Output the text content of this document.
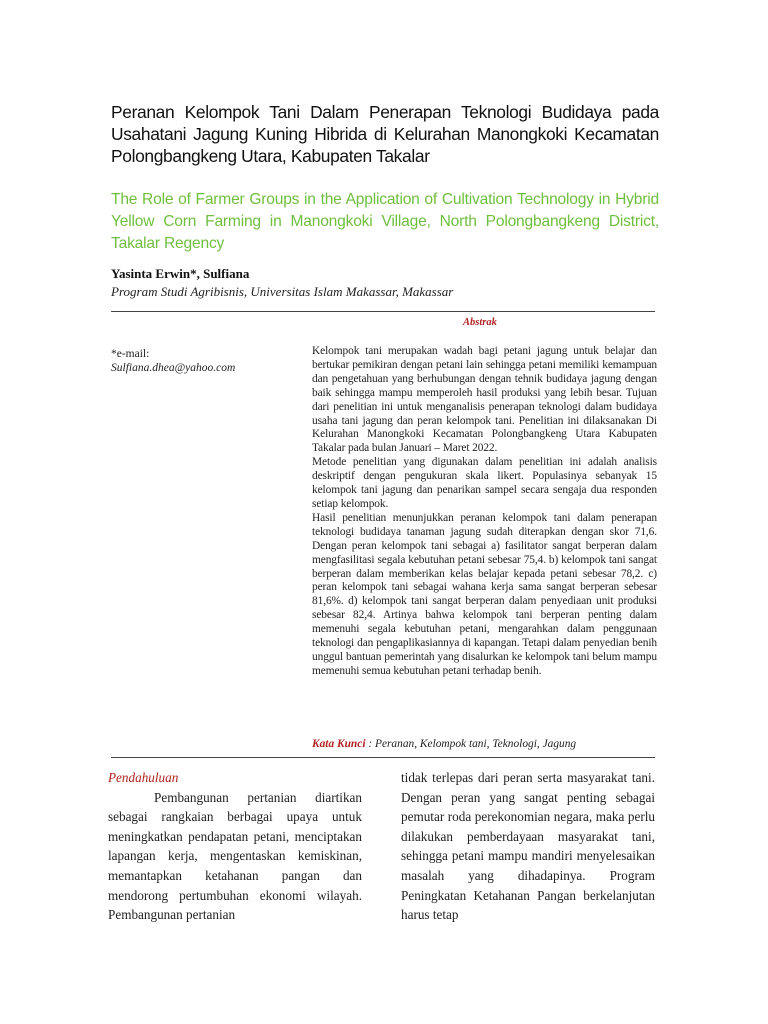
Peranan Kelompok Tani Dalam Penerapan Teknologi Budidaya pada Usahatani Jagung Kuning Hibrida di Kelurahan Manongkoki Kecamatan Polongbangkeng Utara, Kabupaten Takalar
The Role of Farmer Groups in the Application of Cultivation Technology in Hybrid Yellow Corn Farming in Manongkoki Village, North Polongbangkeng District, Takalar Regency
Yasinta Erwin*, Sulfiana
Program Studi Agribisnis, Universitas Islam Makassar, Makassar
Abstrak
*e-mail:
Sulfiana.dhea@yahoo.com

Kelompok tani merupakan wadah bagi petani jagung untuk belajar dan bertukar pemikiran dengan petani lain sehingga petani memiliki kemampuan dan pengetahuan yang berhubungan dengan tehnik budidaya jagung dengan baik sehingga mampu memperoleh hasil produksi yang lebih besar. Tujuan dari penelitian ini untuk menganalisis penerapan teknologi dalam budidaya usaha tani jagung dan peran kelompok tani. Penelitian ini dilaksanakan Di Kelurahan Manongkoki Kecamatan Polongbangkeng Utara Kabupaten Takalar pada bulan Januari – Maret 2022.

Metode penelitian yang digunakan dalam penelitian ini adalah analisis deskriptif dengan pengukuran skala likert. Populasinya sebanyak 15 kelompok tani jagung dan penarikan sampel secara sengaja dua responden setiap kelompok.

Hasil penelitian menunjukkan peranan kelompok tani dalam penerapan teknologi budidaya tanaman jagung sudah diterapkan dengan skor 71,6. Dengan peran kelompok tani sebagai a) fasilitator sangat berperan dalam mengfasilitasi segala kebutuhan petani sebesar 75,4. b) kelompok tani sangat berperan dalam memberikan kelas belajar kepada petani sebesar 78,2. c) peran kelompok tani sebagai wahana kerja sama sangat berperan sebesar 81,6%. d) kelompok tani sangat berperan dalam penyediaan unit produksi sebesar 82,4. Artinya bahwa kelompok tani berperan penting dalam memenuhi segala kebutuhan petani, mengarahkan dalam penggunaan teknologi dan pengaplikasiannya di kapangan. Tetapi dalam penyedian benih unggul bantuan pemerintah yang disalurkan ke kelompok tani belum mampu memenuhi semua kebutuhan petani terhadap benih.

Kata Kunci : Peranan, Kelompok tani, Teknologi, Jagung
Pendahuluan

Pembangunan pertanian diartikan sebagai rangkaian berbagai upaya untuk meningkatkan pendapatan petani, menciptakan lapangan kerja, mengentaskan kemiskinan, memantapkan ketahanan pangan dan mendorong pertumbuhan ekonomi wilayah. Pembangunan pertanian

tidak terlepas dari peran serta masyarakat tani. Dengan peran yang sangat penting sebagai pemutar roda perekonomian negara, maka perlu dilakukan pemberdayaan masyarakat tani, sehingga petani mampu mandiri menyelesaikan masalah yang dihadapinya. Program Peningkatan Ketahanan Pangan berkelanjutan harus tetap
